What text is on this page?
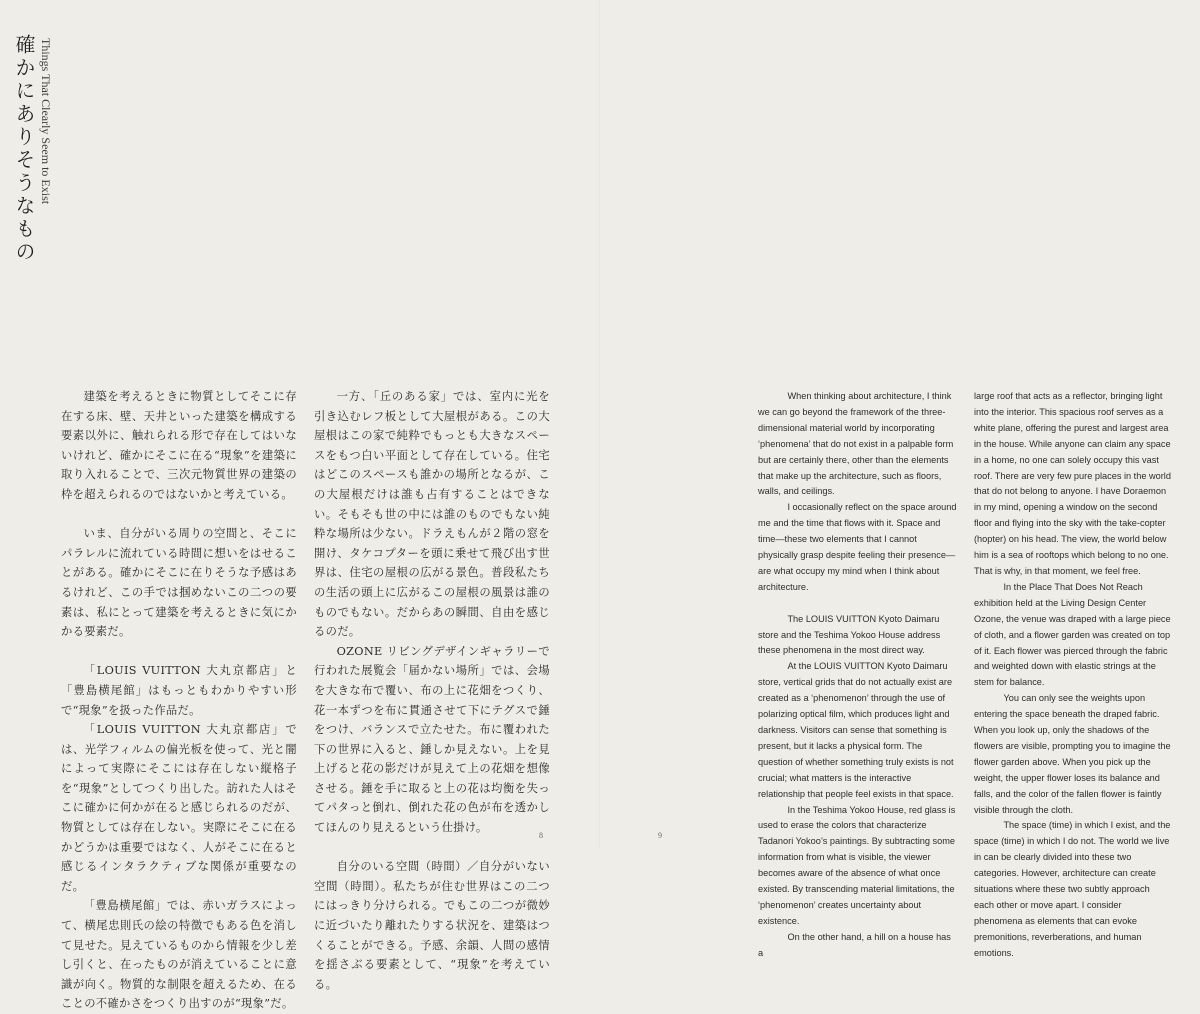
確かにありそうなもの Things That Clearly Seem to Exist

建築を考えるときに物質としてそこに存在する床、壁、天井といった建築を構成する要素以外に、触れられる形で存在してはいないけれど、確かにそこに在る“現象”を建築に取り入れることで、三次元物質世界の建築の枠を超えられるのではないかと考えている。

いま、自分がいる周りの空間と、そこにパラレルに流れている時間に想いをはせることがある。確かにそこに在りそうな予感はあるけれど、この手では掴めないこの二つの要素は、私にとって建築を考えるときに気にかかる要素だ。

「LOUIS VUITTON 大丸京都店」と「豊島横尾館」はもっともわかりやすい形で“現象”を扱った作品だ。

「LOUIS VUITTON 大丸京都店」では、光学フィルムの偏光板を使って、光と闇によって実際にそこには存在しない縦格子を“現象”としてつくり出した。訪れた人はそこに確かに何かが在ると感じられるのだが、物質としては存在しない。実際にそこに在るかどうかは重要ではなく、人がそこに在ると感じるインタラクティブな関係が重要なのだ。

「豊島横尾館」では、赤いガラスによって、横尾忠則氏の絵の特徴でもある色を消して見せた。見えているものから情報を少し差し引くと、在ったものが消えていることに意識が向く。物質的な制限を超えるため、在ることの不確かさをつくり出すのが“現象”だ。

一方、「丘のある家」では、室内に光を引き込むレフ板として大屋根がある。この大屋根はこの家で純粋でもっとも大きなスペースをもつ白い平面として存在している。住宅はどこのスペースも誰かの場所となるが、この大屋根だけは誰も占有することはできない。そもそも世の中には誰のものでもない純粋な場所は少ない。ドラえもんが２階の窓を開け、タケコプターを頭に乗せて飛び出す世界は、住宅の屋根の広がる景色。普段私たちの生活の頭上に広がるこの屋根の風景は誰のものでもない。だからあの瞬間、自由を感じるのだ。

OZONE リビングデザインギャラリーで行われた展覧会「届かない場所」では、会場を大きな布で覆い、布の上に花畑をつくり、花一本ずつを布に貫通させて下にテグスで錘をつけ、バランスで立たせた。布に覆われた下の世界に入ると、錘しか見えない。上を見上げると花の影だけが見えて上の花畑を想像させる。錘を手に取ると上の花は均衡を失ってパタっと倒れ、倒れた花の色が布を透かしてほんのり見えるという仕掛け。

自分のいる空間（時間）／自分がいない空間（時間）。私たちが住む世界はこの二つにはっきり分けられる。でもこの二つが微妙に近づいたり離れたりする状況を、建築はつくることができる。予感、余韻、人間の感情を揺さぶる要素として、“現象”を考えている。

When thinking about architecture, I think we can go beyond the framework of the three-dimensional material world by incorporating ‘phenomena’ that do not exist in a palpable form but are certainly there, other than the elements that make up the architecture, such as floors, walls, and ceilings.

I occasionally reflect on the space around me and the time that flows with it. Space and time—these two elements that I cannot physically grasp despite feeling their presence—are what occupy my mind when I think about architecture.

The LOUIS VUITTON Kyoto Daimaru store and the Teshima Yokoo House address these phenomena in the most direct way.

At the LOUIS VUITTON Kyoto Daimaru store, vertical grids that do not actually exist are created as a ‘phenomenon’ through the use of polarizing optical film, which produces light and darkness. Visitors can sense that something is present, but it lacks a physical form. The question of whether something truly exists is not crucial; what matters is the interactive relationship that people feel exists in that space.

In the Teshima Yokoo House, red glass is used to erase the colors that characterize Tadanori Yokoo’s paintings. By subtracting some information from what is visible, the viewer becomes aware of the absence of what once existed. By transcending material limitations, the ‘phenomenon’ creates uncertainty about existence.

On the other hand, a hill on a house has a

large roof that acts as a reflector, bringing light into the interior. This spacious roof serves as a white plane, offering the purest and largest area in the house. While anyone can claim any space in a home, no one can solely occupy this vast roof. There are very few pure places in the world that do not belong to anyone. I have Doraemon in my mind, opening a window on the second floor and flying into the sky with the take-copter (hopter) on his head. The view, the world below him is a sea of rooftops which belong to no one. That is why, in that moment, we feel free.

In the Place That Does Not Reach exhibition held at the Living Design Center Ozone, the venue was draped with a large piece of cloth, and a flower garden was created on top of it. Each flower was pierced through the fabric and weighted down with elastic strings at the stem for balance.

You can only see the weights upon entering the space beneath the draped fabric. When you look up, only the shadows of the flowers are visible, prompting you to imagine the flower garden above. When you pick up the weight, the upper flower loses its balance and falls, and the color of the fallen flower is faintly visible through the cloth.

The space (time) in which I exist, and the space (time) in which I do not. The world we live in can be clearly divided into these two categories. However, architecture can create situations where these two subtly approach each other or move apart. I consider phenomena as elements that can evoke premonitions, reverberations, and human emotions.

8	9
